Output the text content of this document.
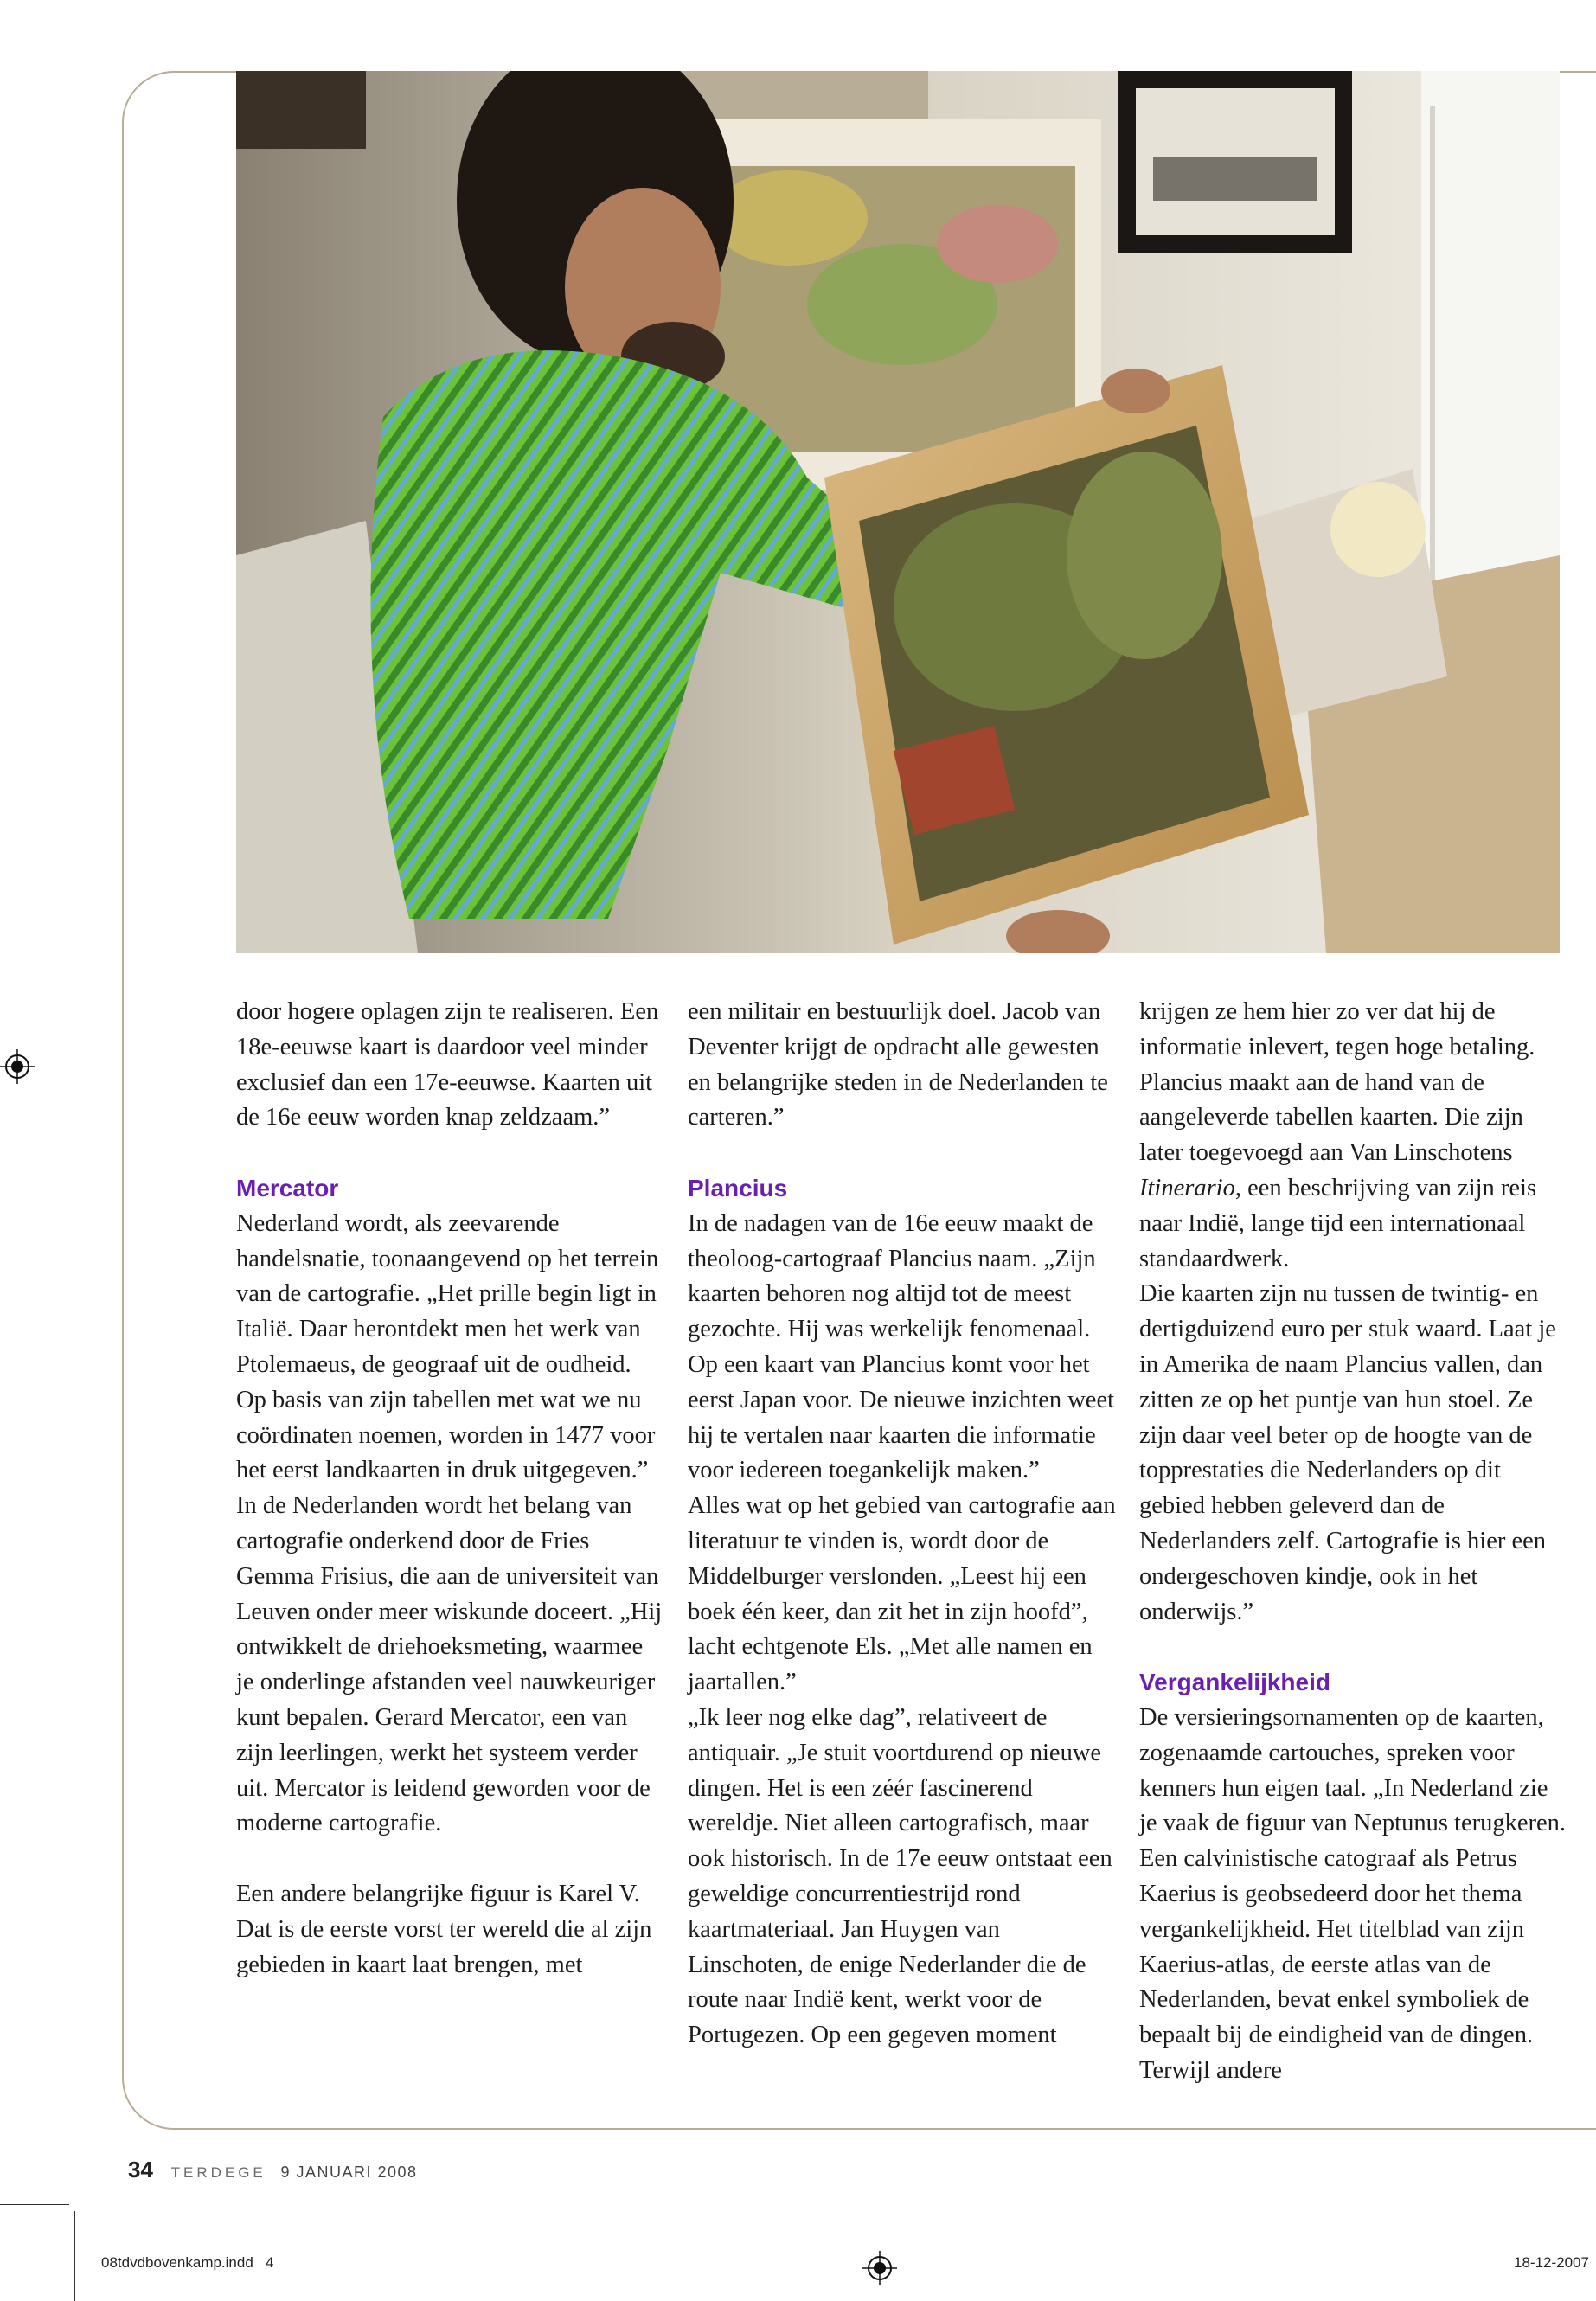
door hogere oplagen zijn te realiseren. Een 18e-eeuwse kaart is daardoor veel minder exclusief dan een 17e-eeuwse. Kaarten uit de 16e eeuw worden knap zeldzaam.”

Mercator

Nederland wordt, als zeevarende handelsnatie, toonaangevend op het terrein van de cartografie. „Het prille begin ligt in Italië. Daar herontdekt men het werk van Ptolemaeus, de geograaf uit de oudheid. Op basis van zijn tabellen met wat we nu coördinaten noemen, worden in 1477 voor het eerst landkaarten in druk uitgegeven.”

In de Nederlanden wordt het belang van cartografie onderkend door de Fries Gemma Frisius, die aan de universiteit van Leuven onder meer wiskunde doceert. „Hij ontwikkelt de driehoeksmeting, waarmee je onderlinge afstanden veel nauwkeuriger kunt bepalen. Gerard Mercator, een van zijn leerlingen, werkt het systeem verder uit. Mercator is leidend geworden voor de moderne cartografie.

Een andere belangrijke figuur is Karel V. Dat is de eerste vorst ter wereld die al zijn gebieden in kaart laat brengen, met

een militair en bestuurlijk doel. Jacob van Deventer krijgt de opdracht alle gewesten en belangrijke steden in de Nederlanden te carteren.”

Plancius

In de nadagen van de 16e eeuw maakt de theoloog-cartograaf Plancius naam. „Zijn kaarten behoren nog altijd tot de meest gezochte. Hij was werkelijk fenomenaal. Op een kaart van Plancius komt voor het eerst Japan voor. De nieuwe inzichten weet hij te vertalen naar kaarten die informatie voor iedereen toegankelijk maken.”

Alles wat op het gebied van cartografie aan literatuur te vinden is, wordt door de Middelburger verslonden. „Leest hij een boek één keer, dan zit het in zijn hoofd”, lacht echtgenote Els. „Met alle namen en jaartallen.”

„Ik leer nog elke dag”, relativeert de antiquair. „Je stuit voortdurend op nieuwe dingen. Het is een zéér fascinerend wereldje. Niet alleen cartografisch, maar ook historisch. In de 17e eeuw ontstaat een geweldige concurrentiestrijd rond kaartmateriaal. Jan Huygen van Linschoten, de enige Nederlander die de route naar Indië kent, werkt voor de Portugezen. Op een gegeven moment

krijgen ze hem hier zo ver dat hij de informatie inlevert, tegen hoge betaling. Plancius maakt aan de hand van de aangeleverde tabellen kaarten. Die zijn later toegevoegd aan Van Linschotens Itinerario, een beschrijving van zijn reis naar Indië, lange tijd een internationaal standaardwerk.

Die kaarten zijn nu tussen de twintig- en dertigduizend euro per stuk waard. Laat je in Amerika de naam Plancius vallen, dan zitten ze op het puntje van hun stoel. Ze zijn daar veel beter op de hoogte van de topprestaties die Nederlanders op dit gebied hebben geleverd dan de Nederlanders zelf. Cartografie is hier een ondergeschoven kindje, ook in het onderwijs.”

Vergankelijkheid

De versieringsornamenten op de kaarten, zogenaamde cartouches, spreken voor kenners hun eigen taal. „In Nederland zie je vaak de figuur van Neptunus terugkeren. Een calvinistische catograaf als Petrus Kaerius is geobsedeerd door het thema vergankelijkheid. Het titelblad van zijn Kaerius-atlas, de eerste atlas van de Nederlanden, bevat enkel symboliek de bepaalt bij de eindigheid van de dingen. Terwijl andere

34 TERDEGE 9 JANUARI 2008
08tdvdbovenkamp.indd   4	18-12-2007
